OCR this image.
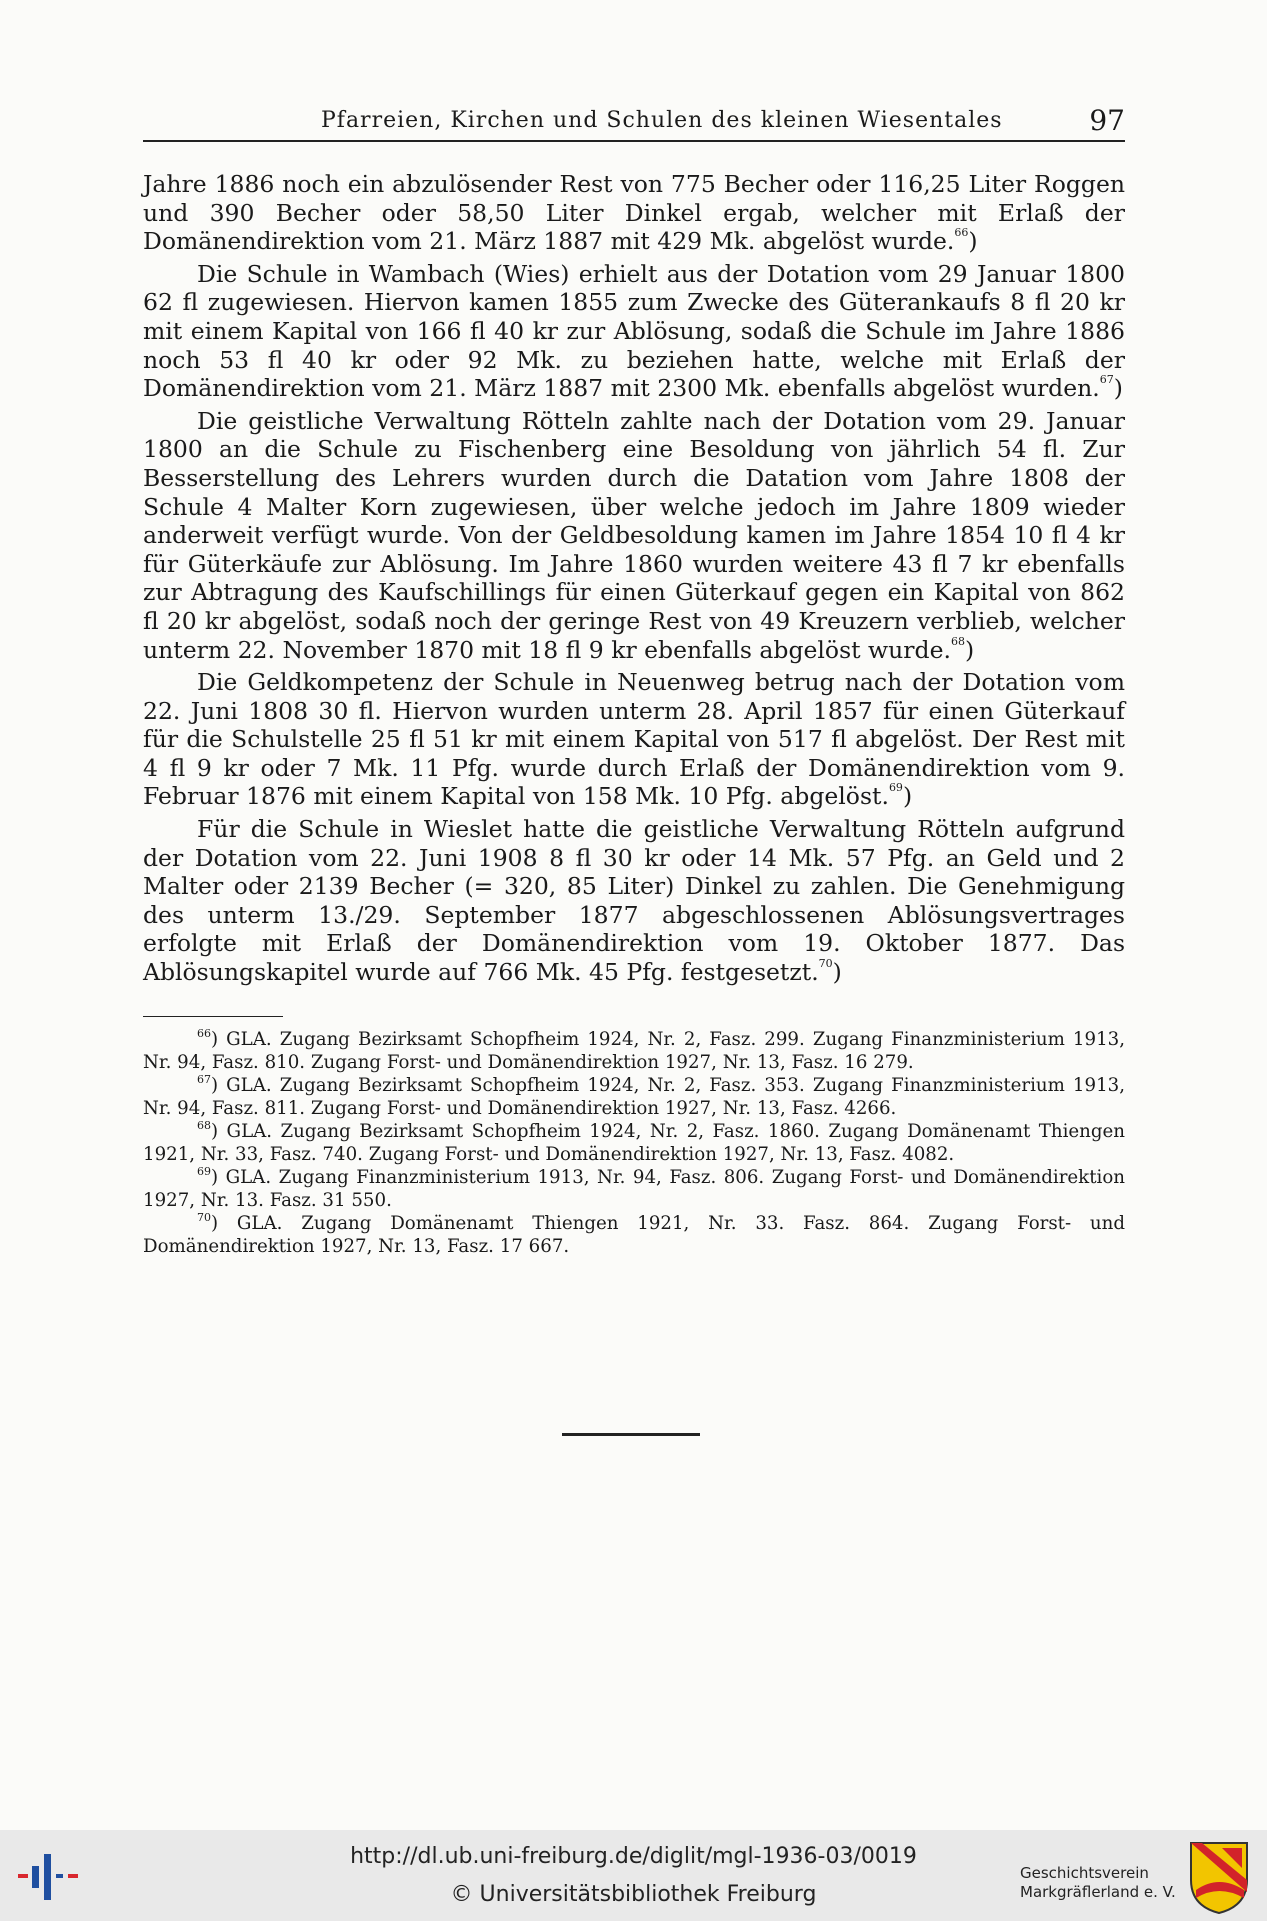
Pfarreien, Kirchen und Schulen des kleinen Wiesentales	97

Jahre 1886 noch ein abzulösender Rest von 775 Becher oder 116,25 Liter Roggen und 390 Becher oder 58,50 Liter Dinkel ergab, welcher mit Erlaß der Domänendirektion vom 21. März 1887 mit 429 Mk. abgelöst wurde.$^{66}$)

Die Schule in Wambach (Wies) erhielt aus der Dotation vom 29 Januar 1800 62 fl zugewiesen. Hiervon kamen 1855 zum Zwecke des Güterankaufs 8 fl 20 kr mit einem Kapital von 166 fl 40 kr zur Ablösung, sodaß die Schule im Jahre 1886 noch 53 fl 40 kr oder 92 Mk. zu beziehen hatte, welche mit Erlaß der Domänendirektion vom 21. März 1887 mit 2300 Mk. ebenfalls abgelöst wurden.$^{67}$)

Die geistliche Verwaltung Rötteln zahlte nach der Dotation vom 29. Januar 1800 an die Schule zu Fischenberg eine Besoldung von jährlich 54 fl. Zur Besserstellung des Lehrers wurden durch die Datation vom Jahre 1808 der Schule 4 Malter Korn zugewiesen, über welche jedoch im Jahre 1809 wieder anderweit verfügt wurde. Von der Geldbesoldung kamen im Jahre 1854 10 fl 4 kr für Güterkäufe zur Ablösung. Im Jahre 1860 wurden weitere 43 fl 7 kr ebenfalls zur Abtragung des Kaufschillings für einen Güterkauf gegen ein Kapital von 862 fl 20 kr abgelöst, sodaß noch der geringe Rest von 49 Kreuzern verblieb, welcher unterm 22. November 1870 mit 18 fl 9 kr ebenfalls abgelöst wurde.$^{68}$)

Die Geldkompetenz der Schule in Neuenweg betrug nach der Dotation vom 22. Juni 1808 30 fl. Hiervon wurden unterm 28. April 1857 für einen Güterkauf für die Schulstelle 25 fl 51 kr mit einem Kapital von 517 fl abgelöst. Der Rest mit 4 fl 9 kr oder 7 Mk. 11 Pfg. wurde durch Erlaß der Domänendirektion vom 9. Februar 1876 mit einem Kapital von 158 Mk. 10 Pfg. abgelöst.$^{69}$)

Für die Schule in Wieslet hatte die geistliche Verwaltung Rötteln aufgrund der Dotation vom 22. Juni 1908 8 fl 30 kr oder 14 Mk. 57 Pfg. an Geld und 2 Malter oder 2139 Becher (= 320, 85 Liter) Dinkel zu zahlen. Die Genehmigung des unterm 13./29. September 1877 abgeschlossenen Ablösungsvertrages erfolgte mit Erlaß der Domänendirektion vom 19. Oktober 1877. Das Ablösungskapitel wurde auf 766 Mk. 45 Pfg. festgesetzt.$^{70}$)

$^{66}$) GLA. Zugang Bezirksamt Schopfheim 1924, Nr. 2, Fasz. 299. Zugang Finanzministerium 1913, Nr. 94, Fasz. 810. Zugang Forst- und Domänendirektion 1927, Nr. 13, Fasz. 16 279.

$^{67}$) GLA. Zugang Bezirksamt Schopfheim 1924, Nr. 2, Fasz. 353. Zugang Finanzministerium 1913, Nr. 94, Fasz. 811. Zugang Forst- und Domänendirektion 1927, Nr. 13, Fasz. 4266.

$^{68}$) GLA. Zugang Bezirksamt Schopfheim 1924, Nr. 2, Fasz. 1860. Zugang Domänenamt Thiengen 1921, Nr. 33, Fasz. 740. Zugang Forst- und Domänendirektion 1927, Nr. 13, Fasz. 4082.

$^{69}$) GLA. Zugang Finanzministerium 1913, Nr. 94, Fasz. 806. Zugang Forst- und Domänendirektion 1927, Nr. 13. Fasz. 31 550.

$^{70}$) GLA. Zugang Domänenamt Thiengen 1921, Nr. 33. Fasz. 864. Zugang Forst- und Domänendirektion 1927, Nr. 13, Fasz. 17 667.

http://dl.ub.uni-freiburg.de/diglit/mgl-1936-03/0019
© Universitätsbibliothek Freiburg
Geschichtsverein
Markgräflerland e. V.
